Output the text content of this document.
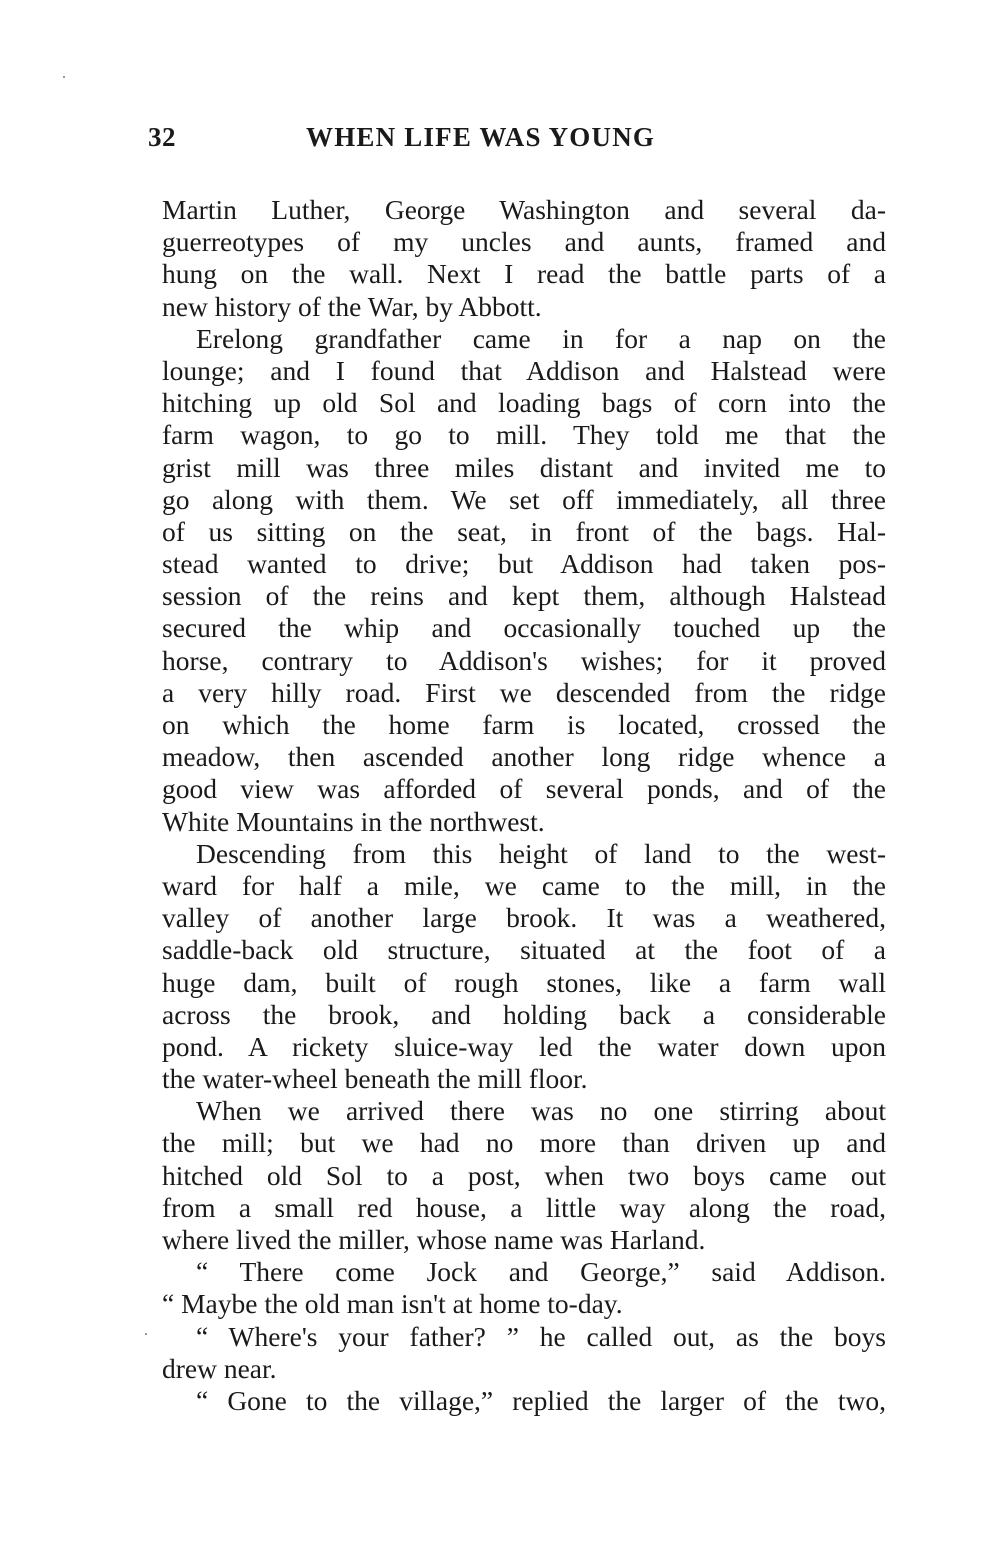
32	WHEN LIFE WAS YOUNG
Martin Luther, George Washington and several da-
guerreotypes of my uncles and aunts, framed and
hung on the wall. Next I read the battle parts of a
new history of the War, by Abbott.
Erelong grandfather came in for a nap on the
lounge; and I found that Addison and Halstead were
hitching up old Sol and loading bags of corn into the
farm wagon, to go to mill. They told me that the
grist mill was three miles distant and invited me to
go along with them. We set off immediately, all three
of us sitting on the seat, in front of the bags. Hal-
stead wanted to drive; but Addison had taken pos-
session of the reins and kept them, although Halstead
secured the whip and occasionally touched up the
horse, contrary to Addison's wishes; for it proved
a very hilly road. First we descended from the ridge
on which the home farm is located, crossed the
meadow, then ascended another long ridge whence a
good view was afforded of several ponds, and of the
White Mountains in the northwest.
Descending from this height of land to the west-
ward for half a mile, we came to the mill, in the
valley of another large brook. It was a weathered,
saddle-back old structure, situated at the foot of a
huge dam, built of rough stones, like a farm wall
across the brook, and holding back a considerable
pond. A rickety sluice-way led the water down upon
the water-wheel beneath the mill floor.
When we arrived there was no one stirring about
the mill; but we had no more than driven up and
hitched old Sol to a post, when two boys came out
from a small red house, a little way along the road,
where lived the miller, whose name was Harland.
“ There come Jock and George,” said Addison.
“ Maybe the old man isn't at home to-day.
“ Where's your father? ” he called out, as the boys
drew near.
“ Gone to the village,” replied the larger of the two,
